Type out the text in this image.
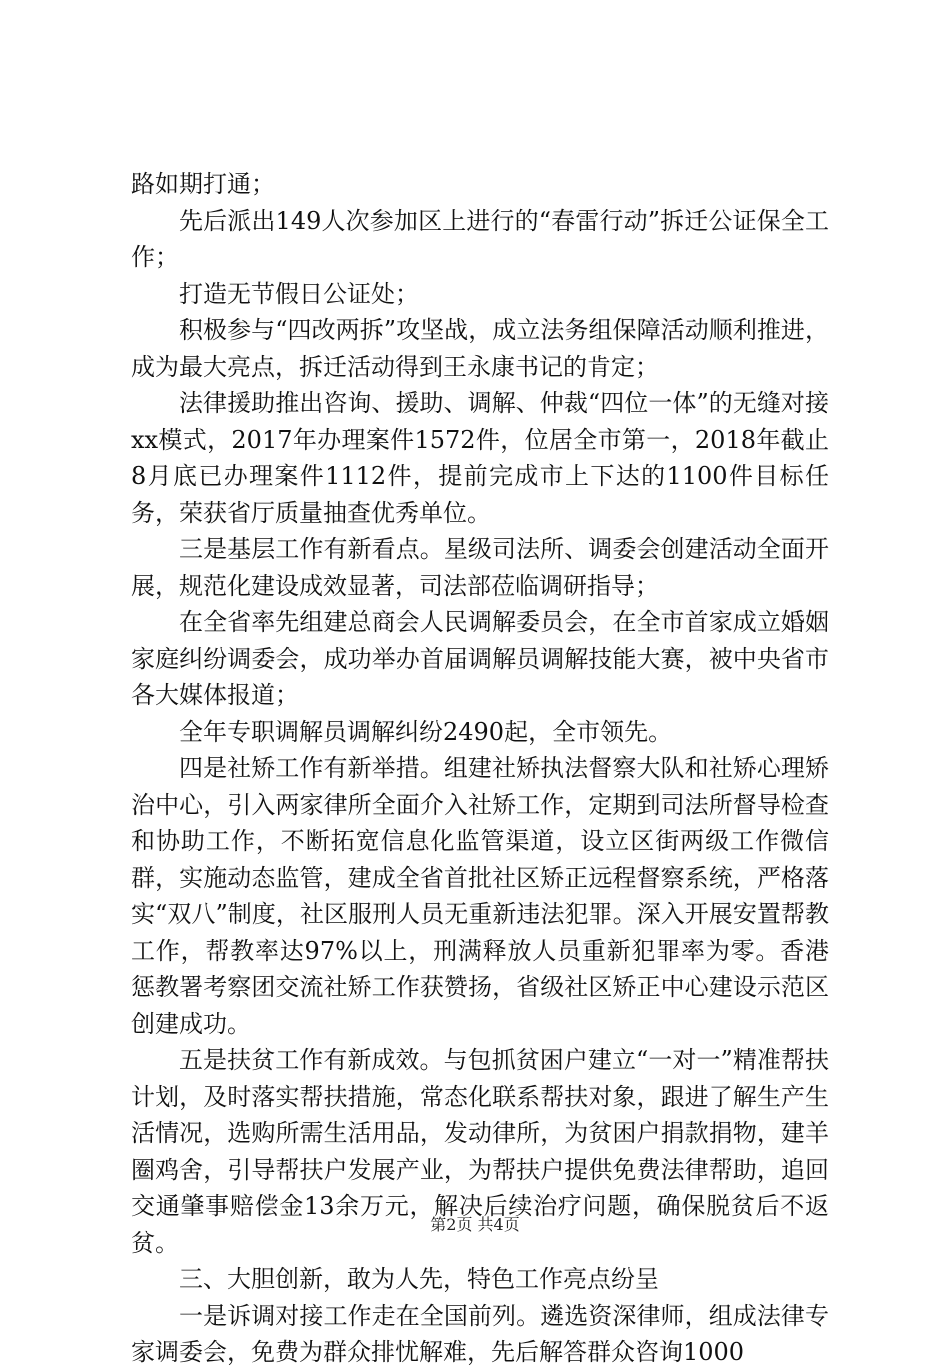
路如期打通；

先后派出149人次参加区上进行的“春雷行动”拆迁公证保全工作；

打造无节假日公证处；

积极参与“四改两拆”攻坚战，成立法务组保障活动顺利推进，成为最大亮点，拆迁活动得到王永康书记的肯定；

法律援助推出咨询、援助、调解、仲裁“四位一体”的无缝对接xx模式，2017年办理案件1572件，位居全市第一，2018年截止8月底已办理案件1112件，提前完成市上下达的1100件目标任务，荣获省厅质量抽查优秀单位。

三是基层工作有新看点。星级司法所、调委会创建活动全面开展，规范化建设成效显著，司法部莅临调研指导；

在全省率先组建总商会人民调解委员会，在全市首家成立婚姻家庭纠纷调委会，成功举办首届调解员调解技能大赛，被中央省市各大媒体报道；

全年专职调解员调解纠纷2490起，全市领先。

四是社矫工作有新举措。组建社矫执法督察大队和社矫心理矫治中心，引入两家律所全面介入社矫工作，定期到司法所督导检查和协助工作，不断拓宽信息化监管渠道，设立区街两级工作微信群，实施动态监管，建成全省首批社区矫正远程督察系统，严格落实“双八”制度，社区服刑人员无重新违法犯罪。深入开展安置帮教工作，帮教率达97%以上，刑满释放人员重新犯罪率为零。香港惩教署考察团交流社矫工作获赞扬，省级社区矫正中心建设示范区创建成功。

五是扶贫工作有新成效。与包抓贫困户建立“一对一”精准帮扶计划，及时落实帮扶措施，常态化联系帮扶对象，跟进了解生产生活情况，选购所需生活用品，发动律所，为贫困户捐款捐物，建羊圈鸡舍，引导帮扶户发展产业，为帮扶户提供免费法律帮助，追回交通肇事赔偿金13余万元，解决后续治疗问题，确保脱贫后不返贫。

三、大胆创新，敢为人先，特色工作亮点纷呈

一是诉调对接工作走在全国前列。遴选资深律师，组成法律专家调委会，免费为群众排忧解难，先后解答群众咨询1000

第2页 共4页
